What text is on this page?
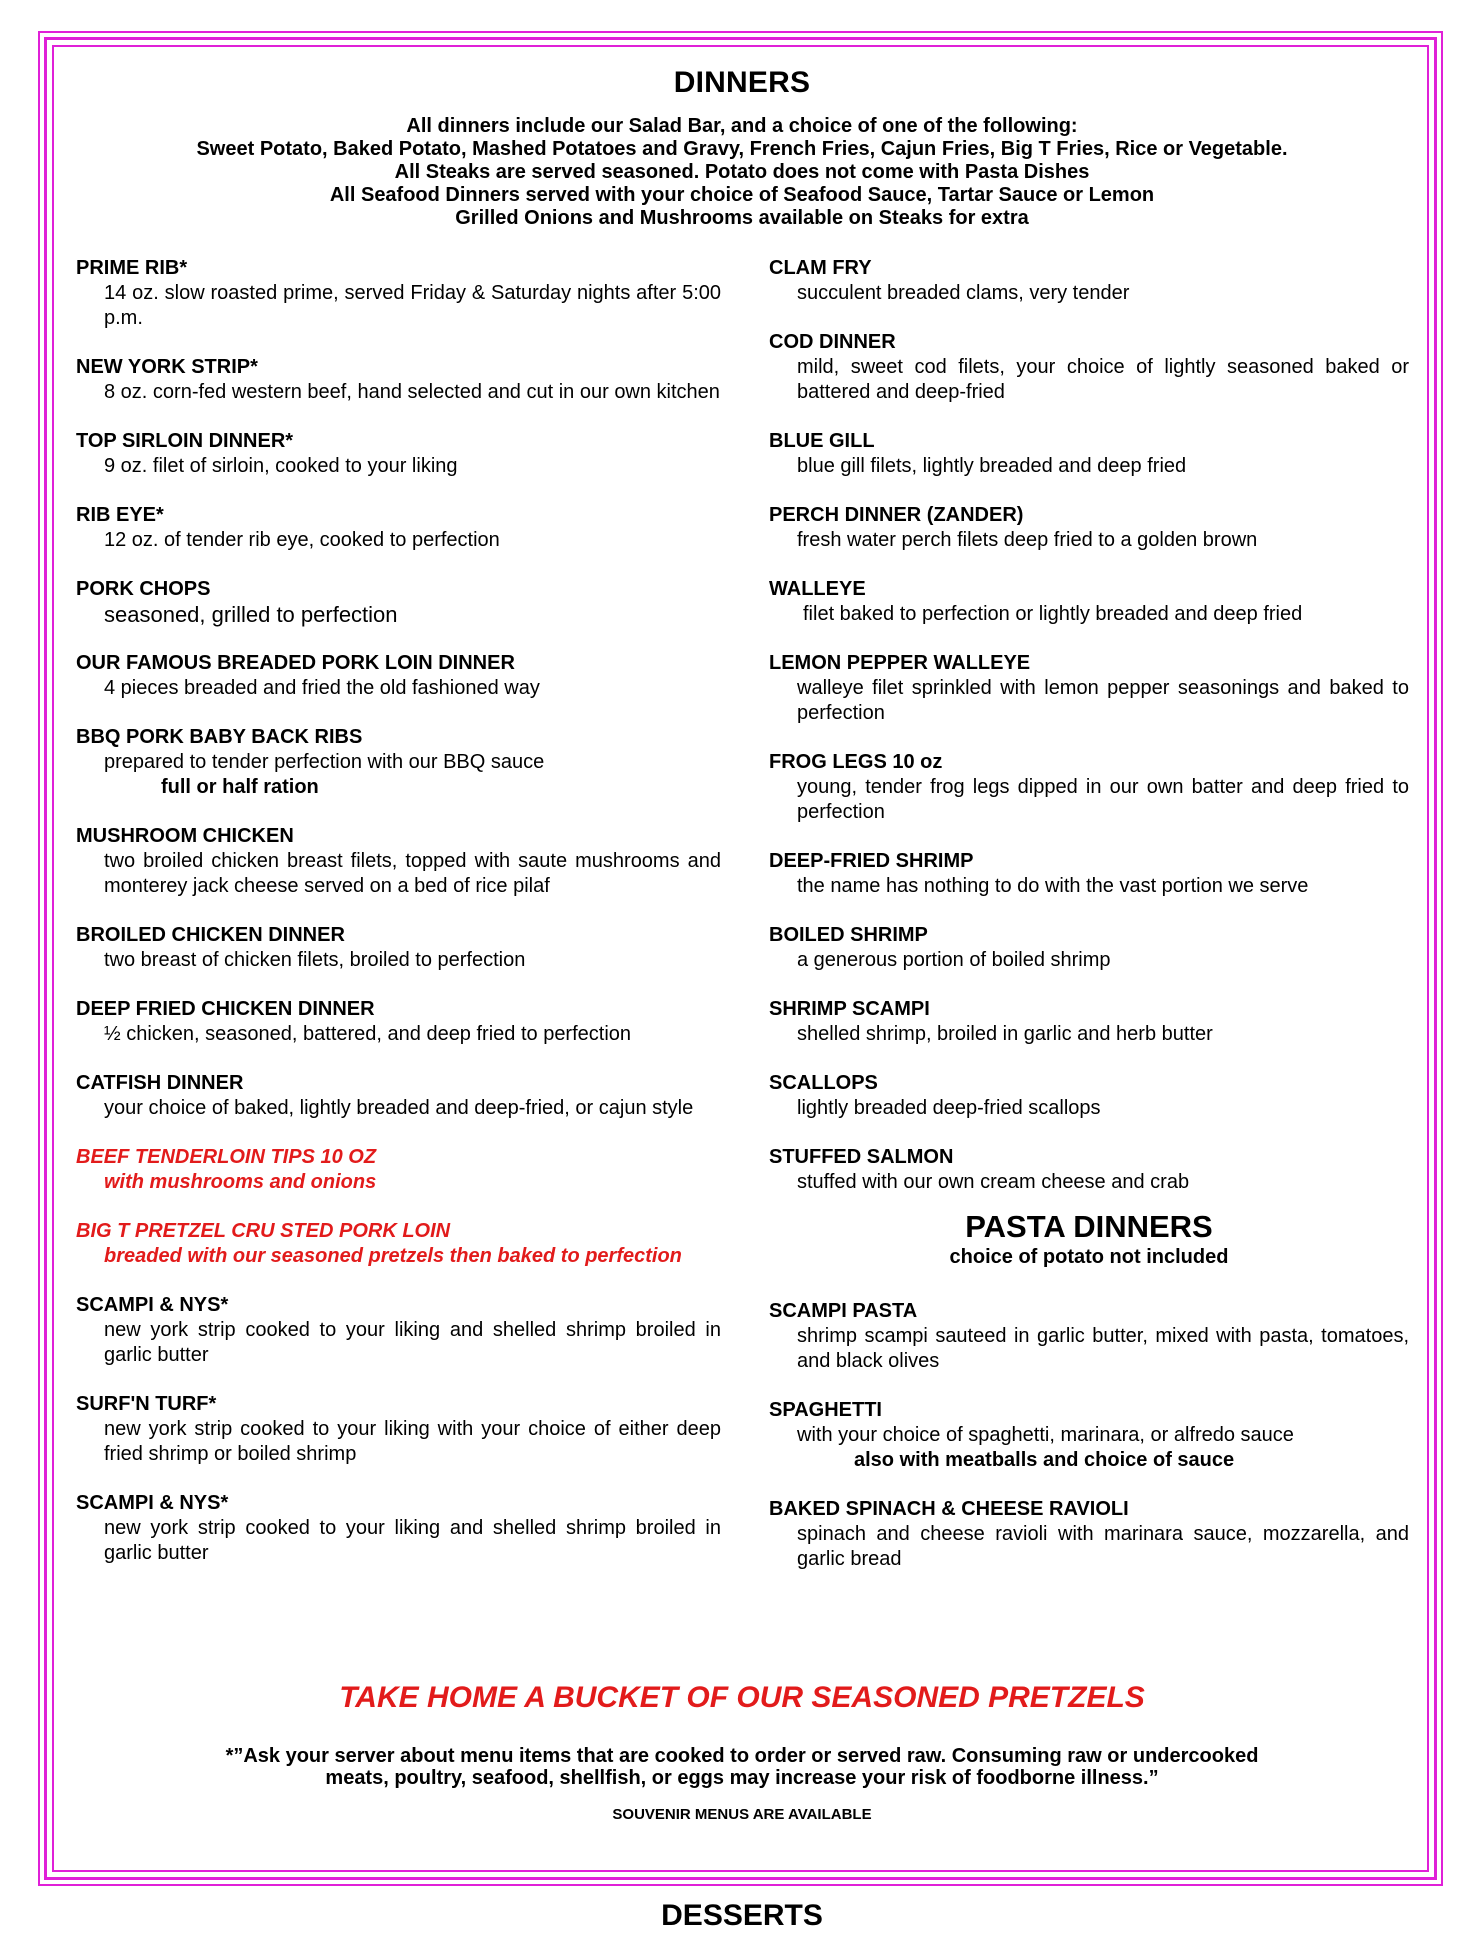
DINNERS
All dinners include our Salad Bar, and a choice of one of the following:
Sweet Potato, Baked Potato, Mashed Potatoes and Gravy, French Fries, Cajun Fries, Big T Fries, Rice or Vegetable.
All Steaks are served seasoned. Potato does not come with Pasta Dishes
All Seafood Dinners served with your choice of Seafood Sauce, Tartar Sauce or Lemon
Grilled Onions and Mushrooms available on Steaks for extra
PRIME RIB*
14 oz. slow roasted prime, served Friday & Saturday nights after 5:00 p.m.
NEW YORK STRIP*
8 oz. corn-fed western beef, hand selected and cut in our own kitchen
TOP SIRLOIN DINNER*
9 oz. filet of sirloin, cooked to your liking
RIB EYE*
12 oz. of tender rib eye, cooked to perfection
PORK CHOPS
seasoned, grilled to perfection
OUR FAMOUS BREADED PORK LOIN DINNER
4 pieces breaded and fried the old fashioned way
BBQ PORK BABY BACK RIBS
prepared to tender perfection with our BBQ sauce
full or half ration
MUSHROOM CHICKEN
two broiled chicken breast filets, topped with saute mushrooms and monterey jack cheese served on a bed of rice pilaf
BROILED CHICKEN DINNER
two breast of chicken filets, broiled to perfection
DEEP FRIED CHICKEN DINNER
½ chicken, seasoned, battered, and deep fried to perfection
CATFISH DINNER
your choice of baked, lightly breaded and deep-fried, or cajun style
BEEF TENDERLOIN TIPS 10 OZ
with mushrooms and onions
BIG T PRETZEL CRU STED PORK LOIN
breaded with our seasoned pretzels then baked to perfection
SCAMPI & NYS*
new york strip cooked to your liking and shelled shrimp broiled in garlic butter
SURF'N TURF*
new york strip cooked to your liking with your choice of either deep fried shrimp or boiled shrimp
SCAMPI & NYS*
new york strip cooked to your liking and shelled shrimp broiled in garlic butter
CLAM FRY
succulent breaded clams, very tender
COD DINNER
mild, sweet cod filets, your choice of lightly seasoned baked or battered and deep-fried
BLUE GILL
blue gill filets, lightly breaded and deep fried
PERCH DINNER (ZANDER)
fresh water perch filets deep fried to a golden brown
WALLEYE
filet baked to perfection or lightly breaded and deep fried
LEMON PEPPER WALLEYE
walleye filet sprinkled with lemon pepper seasonings and baked to perfection
FROG LEGS 10 oz
young, tender frog legs dipped in our own batter and deep fried to perfection
DEEP-FRIED SHRIMP
the name has nothing to do with the vast portion we serve
BOILED SHRIMP
a generous portion of boiled shrimp
SHRIMP SCAMPI
shelled shrimp, broiled in garlic and herb butter
SCALLOPS
lightly breaded deep-fried scallops
STUFFED SALMON
stuffed with our own cream cheese and crab
PASTA DINNERS
choice of potato not included
SCAMPI PASTA
shrimp scampi sauteed in garlic butter, mixed with pasta, tomatoes, and black olives
SPAGHETTI
with your choice of spaghetti, marinara, or alfredo sauce
also with meatballs and choice of sauce
BAKED SPINACH & CHEESE RAVIOLI
spinach and cheese ravioli with marinara sauce, mozzarella, and garlic bread
TAKE HOME A BUCKET OF OUR SEASONED PRETZELS
*”Ask your server about menu items that are cooked to order or served raw. Consuming raw or undercooked
meats, poultry, seafood, shellfish, or eggs may increase your risk of foodborne illness.”
SOUVENIR MENUS ARE AVAILABLE
DESSERTS
